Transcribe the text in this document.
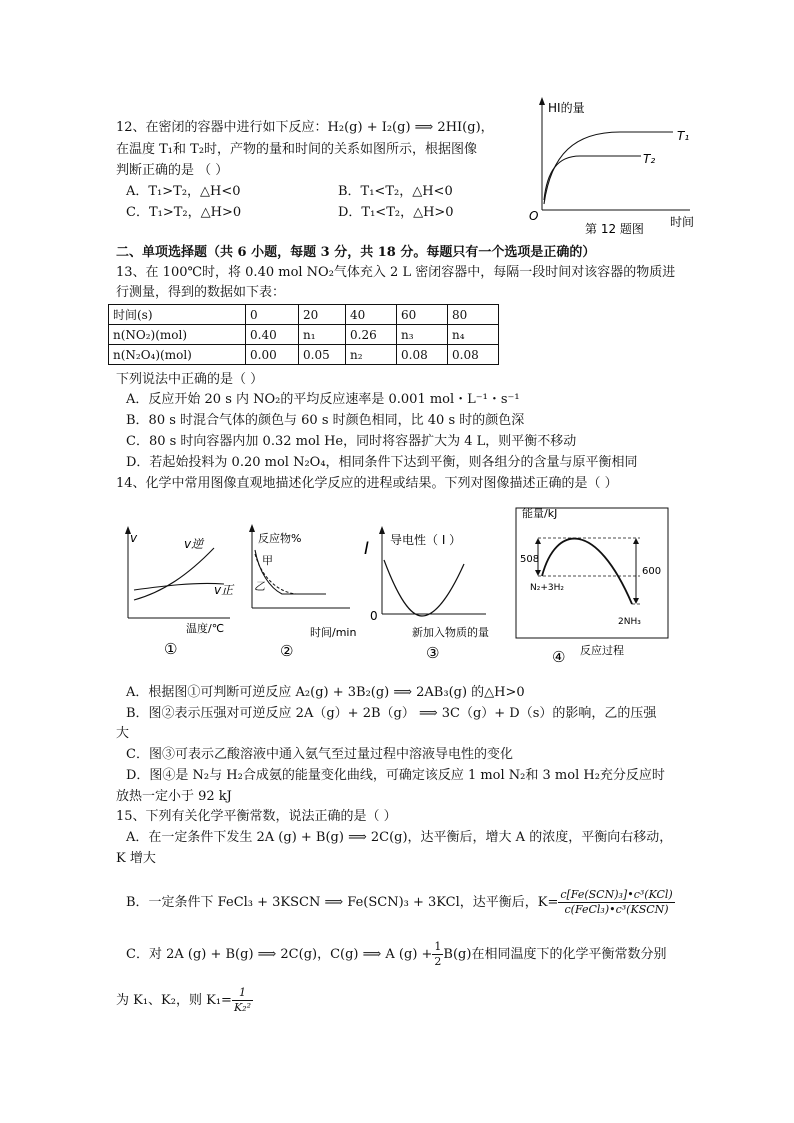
12、在密闭的容器中进行如下反应：H₂(g) + I₂(g) ⟹ 2HI(g)，
在温度 T₁和 T₂时，产物的量和时间的关系如图所示，根据图像
判断正确的是 （ ）
A．T₁>T₂，△H<0	B．T₁<T₂，△H<0
C．T₁>T₂，△H>0	D．T₁<T₂，△H>0
HI的量
O	时间
T₁
T₂
第 12 题图
二、单项选择题（共 6 小题，每题 3 分，共 18 分。每题只有一个选项是正确的）
13、在 100℃时，将 0.40 mol NO₂气体充入 2 L 密闭容器中，每隔一段时间对该容器的物质进
行测量，得到的数据如下表：
时间(s)	0	20	40	60	80
n(NO₂)(mol)	0.40	n₁	0.26	n₃	n₄
n(N₂O₄)(mol)	0.00	0.05	n₂	0.08	0.08
下列说法中正确的是（ ）
A．反应开始 20 s 内 NO₂的平均反应速率是 0.001 mol・L⁻¹・s⁻¹
B．80 s 时混合气体的颜色与 60 s 时颜色相同，比 40 s 时的颜色深
C．80 s 时向容器内加 0.32 mol He，同时将容器扩大为 4 L，则平衡不移动
D．若起始投料为 0.20 mol N₂O₄，相同条件下达到平衡，则各组分的含量与原平衡相同
14、化学中常用图像直观地描述化学反应的进程或结果。下列对图像描述正确的是（ ）
v	v逆
v正
温度/℃
①
反应物%
甲
乙
时间/min
②
I 导电性（ I ）
0
新加入物质的量
③
能量/kJ
508
600
N₂+3H₂
2NH₃
反应过程
④
A．根据图①可判断可逆反应 A₂(g) + 3B₂(g) ⟹ 2AB₃(g) 的△H>0
B．图②表示压强对可逆反应 2A（g）+ 2B（g） ⟹ 3C（g）+ D（s）的影响，乙的压强
大
C．图③可表示乙酸溶液中通入氨气至过量过程中溶液导电性的变化
D．图④是 N₂与 H₂合成氨的能量变化曲线，可确定该反应 1 mol N₂和 3 mol H₂充分反应时
放热一定小于 92 kJ
15、下列有关化学平衡常数，说法正确的是（ ）
A．在一定条件下发生 2A (g) + B(g) ⟹ 2C(g)，达平衡后，增大 A 的浓度，平衡向右移动，
K 增大
B．一定条件下 FeCl₃ + 3KSCN ⟹ Fe(SCN)₃ + 3KCl，达平衡后，$K= \frac{\text{c[Fe(SCN)₃]•c³(KCl)}}{\text{c(FeCl₃)•c³(KSCN)}}$
C．对 2A (g) + B(g) ⟹ 2C(g)，C(g) ⟹ A $(g) + \frac{1}{2} B(g)$在相同温度下的化学平衡常数分别
为 K₁、K₂，则 $K_1= \frac{1}{\text{K₂²}}$
